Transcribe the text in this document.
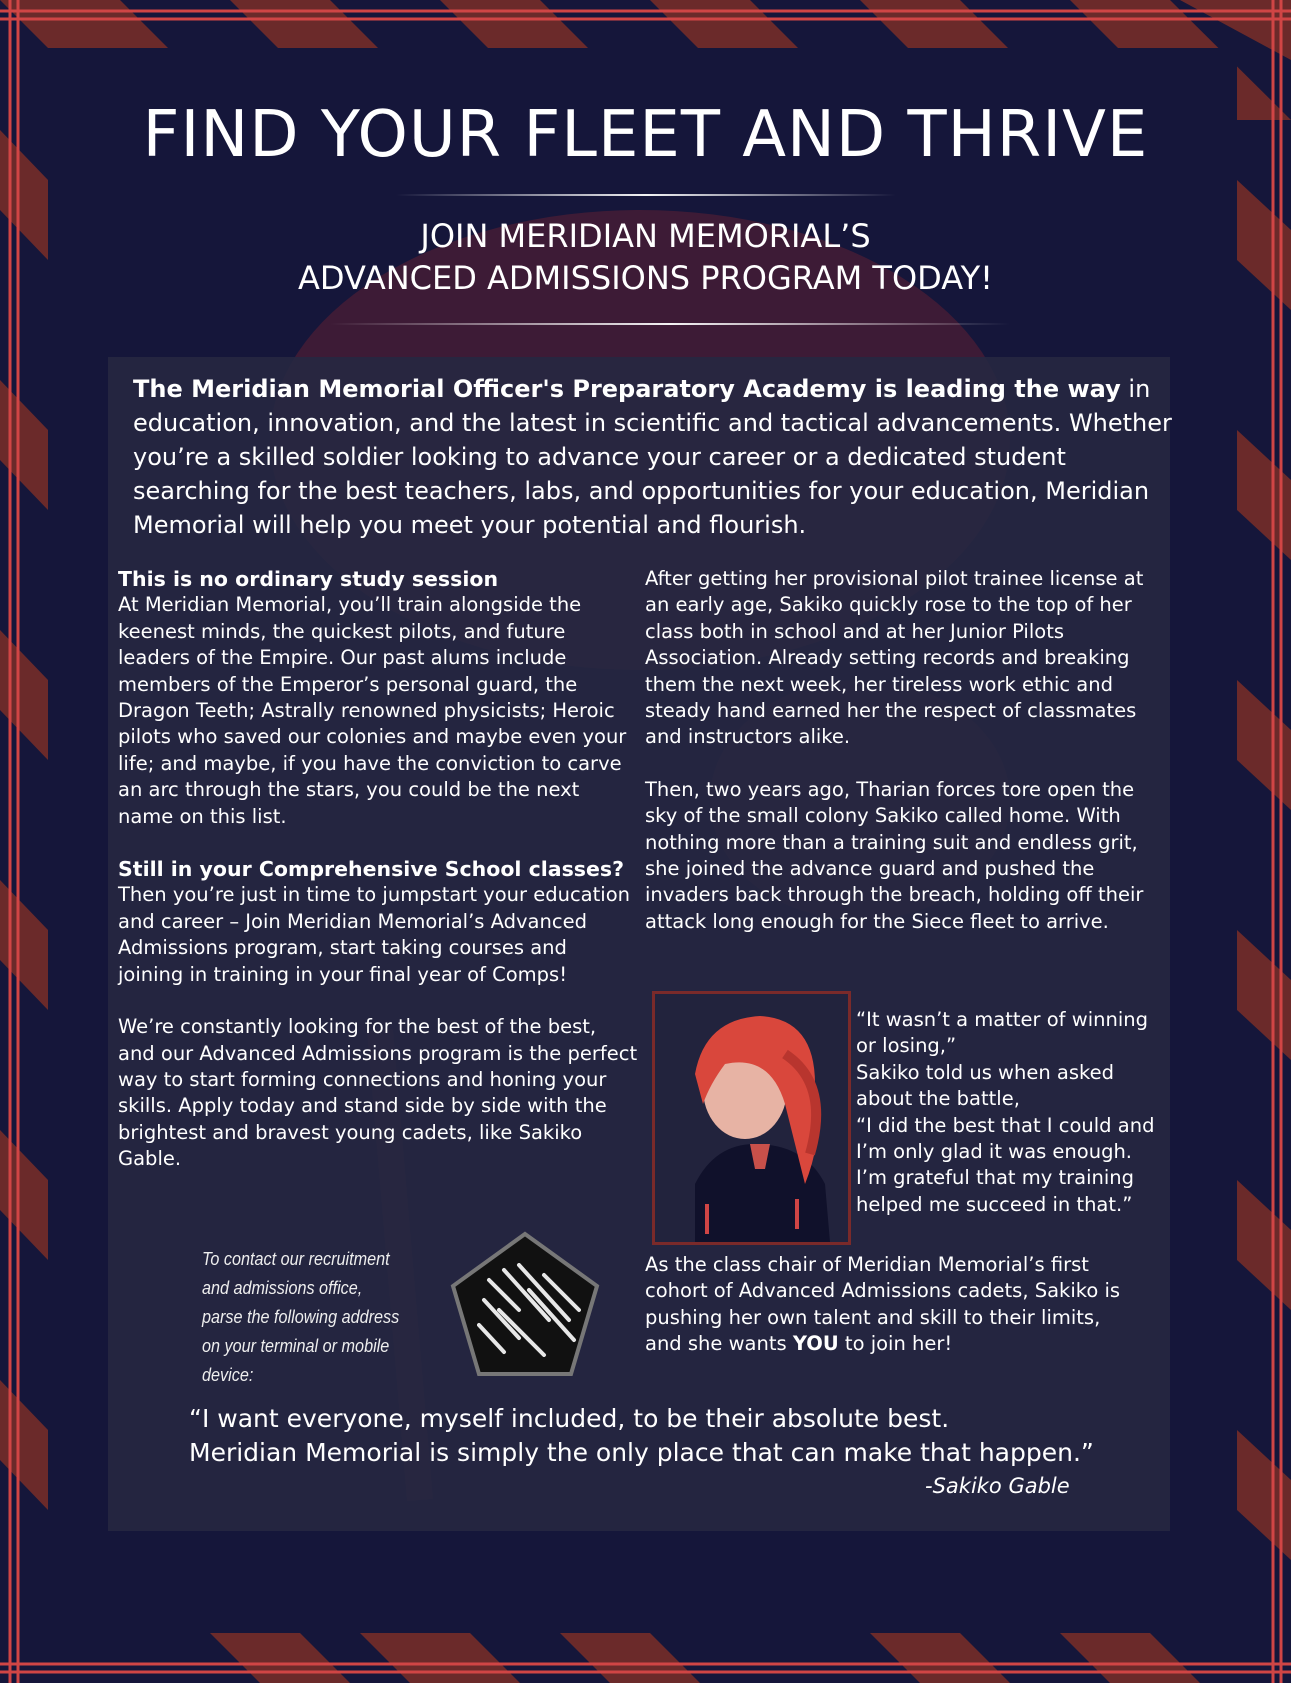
FIND YOUR FLEET AND THRIVE
JOIN MERIDIAN MEMORIAL’S
ADVANCED ADMISSIONS PROGRAM TODAY!
The Meridian Memorial Officer's Preparatory Academy is leading the way in education, innovation, and the latest in scientific and tactical advancements. Whether you’re a skilled soldier looking to advance your career or a dedicated student searching for the best teachers, labs, and opportunities for your education, Meridian Memorial will help you meet your potential and flourish.
This is no ordinary study session

At Meridian Memorial, you’ll train alongside the keenest minds, the quickest pilots, and future leaders of the Empire. Our past alums include members of the Emperor’s personal guard, the Dragon Teeth; Astrally renowned physicists; Heroic pilots who saved our colonies and maybe even your life; and maybe, if you have the conviction to carve an arc through the stars, you could be the next name on this list.

Still in your Comprehensive School classes?

Then you’re just in time to jumpstart your education and career – Join Meridian Memorial’s Advanced Admissions program, start taking courses and joining in training in your final year of Comps!

We’re constantly looking for the best of the best, and our Advanced Admissions program is the perfect way to start forming connections and honing your skills. Apply today and stand side by side with the brightest and bravest young cadets, like Sakiko Gable.

After getting her provisional pilot trainee license at an early age, Sakiko quickly rose to the top of her class both in school and at her Junior Pilots Association. Already setting records and breaking them the next week, her tireless work ethic and steady hand earned her the respect of classmates and instructors alike.

Then, two years ago, Tharian forces tore open the sky of the small colony Sakiko called home. With nothing more than a training suit and endless grit, she joined the advance guard and pushed the invaders back through the breach, holding off their attack long enough for the Siece fleet to arrive.

“It wasn’t a matter of winning or losing,”
Sakiko told us when asked about the battle,
“I did the best that I could and I’m only glad it was enough. I’m grateful that my training helped me succeed in that.”
As the class chair of Meridian Memorial’s first cohort of Advanced Admissions cadets, Sakiko is pushing her own talent and skill to their limits, and she wants YOU to join her!
To contact our recruitment
and admissions office,
parse the following address
on your terminal or mobile device:
“I want everyone, myself included, to be their absolute best.
Meridian Memorial is simply the only place that can make that happen.”
-Sakiko Gable
